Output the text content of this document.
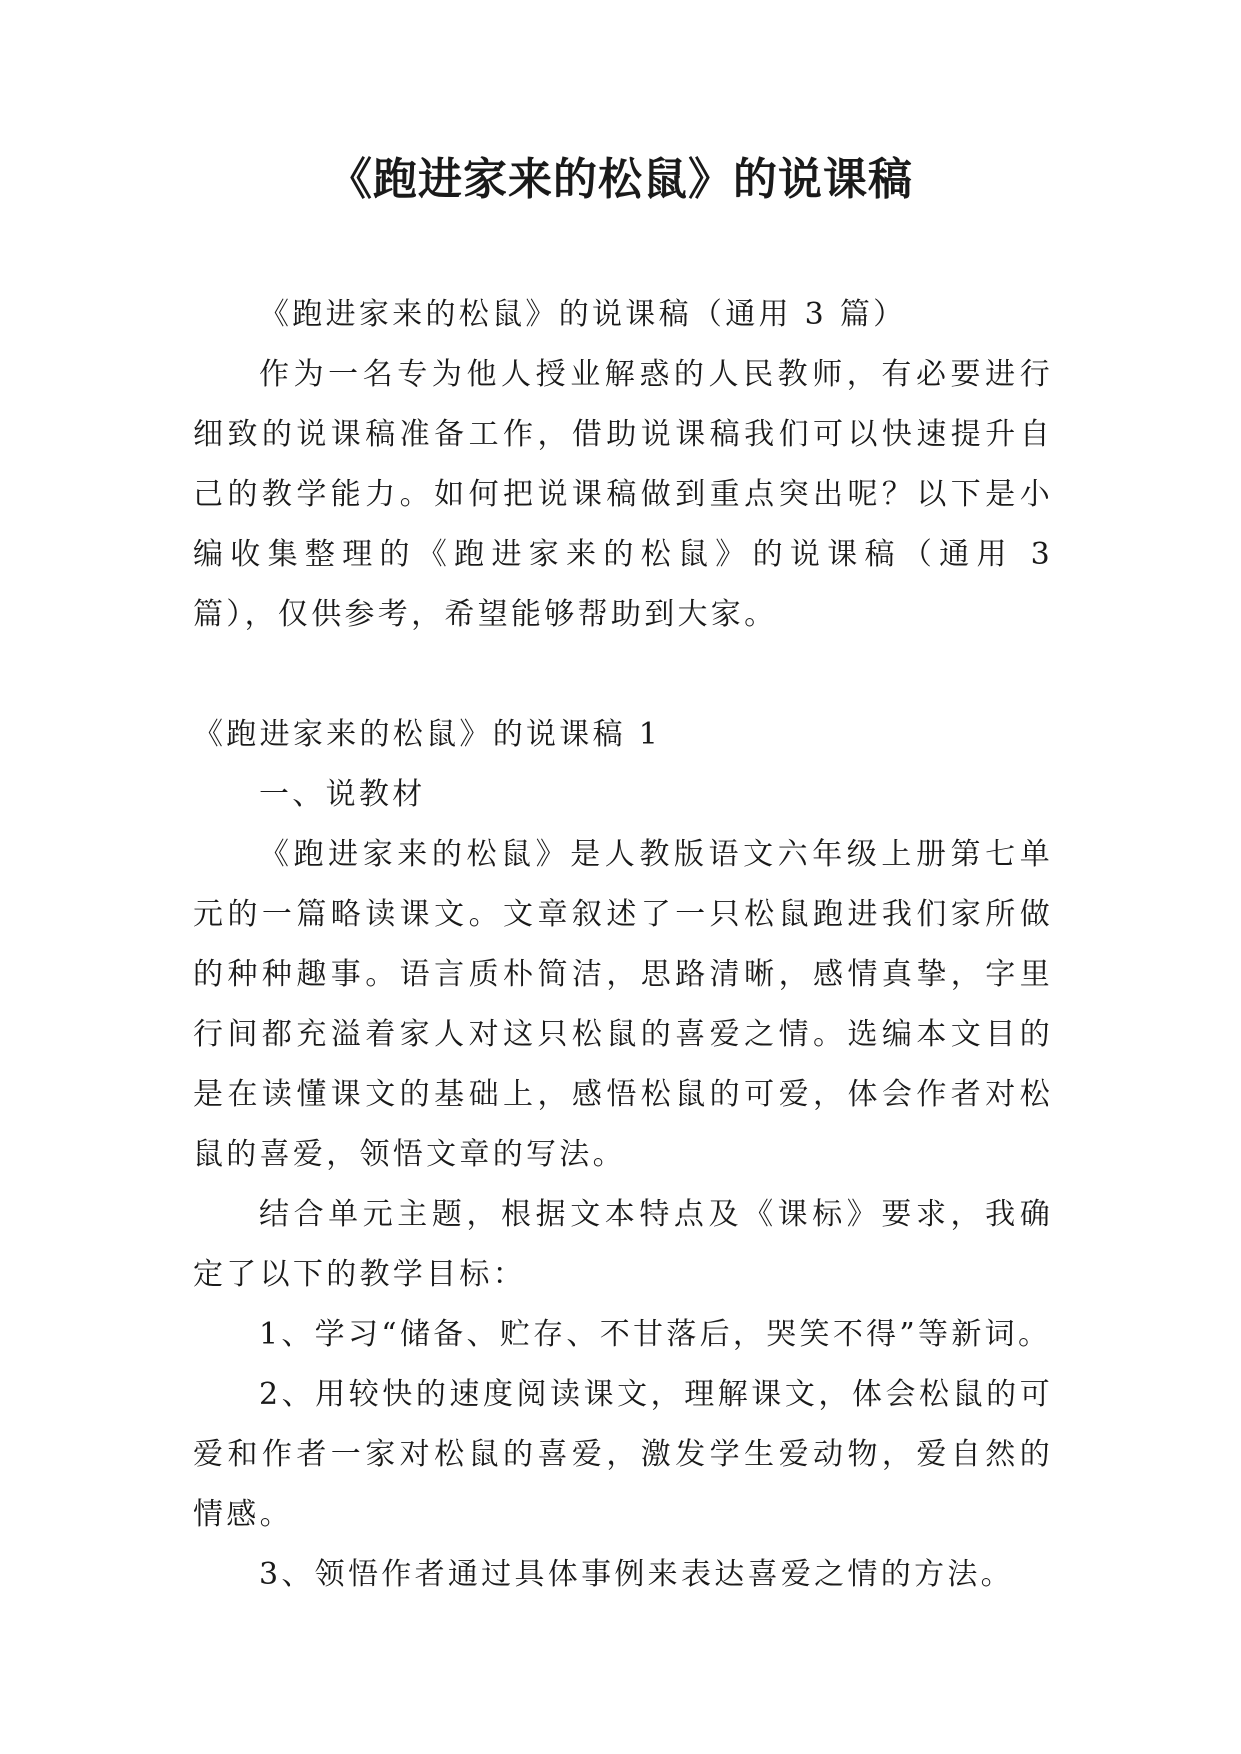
《跑进家来的松鼠》的说课稿

《跑进家来的松鼠》的说课稿（通用 3 篇）

作为一名专为他人授业解惑的人民教师，有必要进行细致的说课稿准备工作，借助说课稿我们可以快速提升自己的教学能力。如何把说课稿做到重点突出呢？以下是小编收集整理的《跑进家来的松鼠》的说课稿（通用 3 篇），仅供参考，希望能够帮助到大家。

《跑进家来的松鼠》的说课稿 1

一、说教材

《跑进家来的松鼠》是人教版语文六年级上册第七单元的一篇略读课文。文章叙述了一只松鼠跑进我们家所做的种种趣事。语言质朴简洁，思路清晰，感情真挚，字里行间都充溢着家人对这只松鼠的喜爱之情。选编本文目的是在读懂课文的基础上，感悟松鼠的可爱，体会作者对松鼠的喜爱，领悟文章的写法。

结合单元主题，根据文本特点及《课标》要求，我确定了以下的教学目标：

1、学习“储备、贮存、不甘落后，哭笑不得”等新词。

2、用较快的速度阅读课文，理解课文，体会松鼠的可爱和作者一家对松鼠的喜爱，激发学生爱动物，爱自然的情感。

3、领悟作者通过具体事例来表达喜爱之情的方法。
